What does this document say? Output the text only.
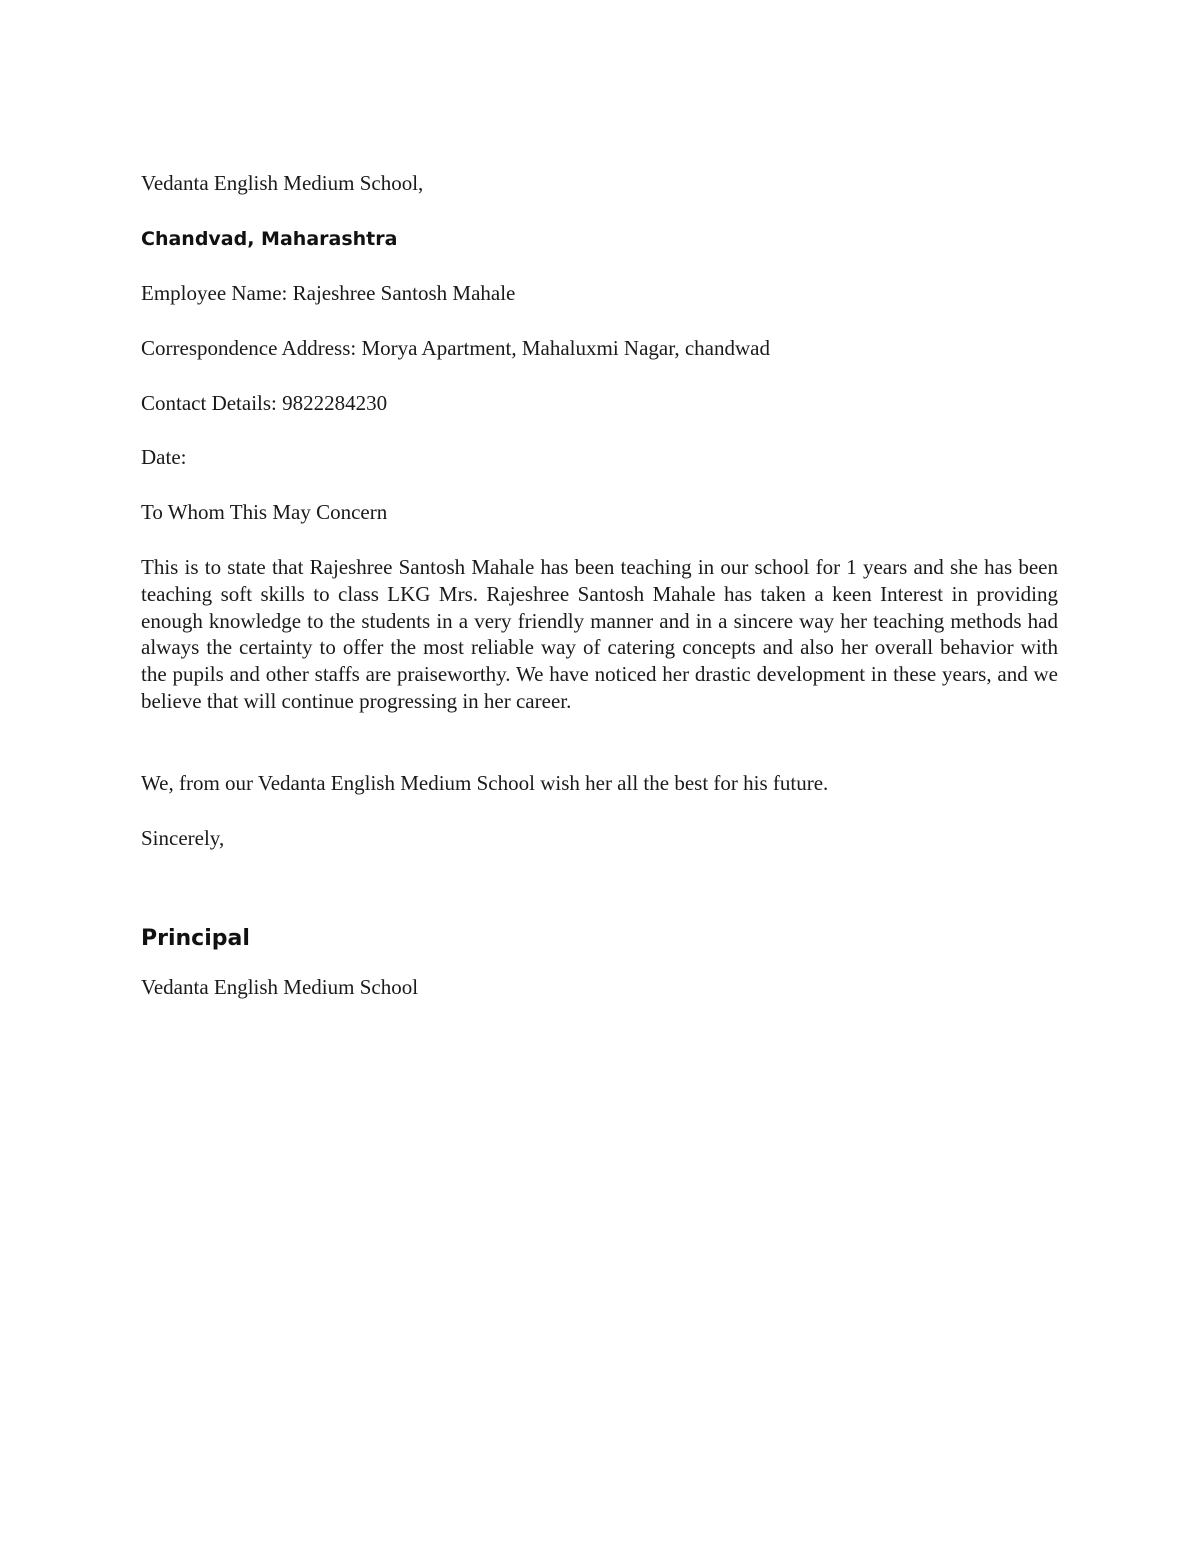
Vedanta English Medium School,
Chandvad, Maharashtra
Employee Name: Rajeshree Santosh Mahale
Correspondence Address: Morya Apartment, Mahaluxmi Nagar, chandwad
Contact Details: 9822284230
Date:
To Whom This May Concern
This is to state that Rajeshree Santosh Mahale has been teaching in our school for 1 years and she has been teaching soft skills to class LKG Mrs. Rajeshree Santosh Mahale has taken a keen Interest in providing enough knowledge to the students in a very friendly manner and in a sincere way her teaching methods had always the certainty to offer the most reliable way of catering concepts and also her overall behavior with the pupils and other staffs are praiseworthy. We have noticed her drastic development in these years, and we believe that will continue progressing in her career.
We, from our Vedanta English Medium School wish her all the best for his future.
Sincerely,
Principal
Vedanta English Medium School
